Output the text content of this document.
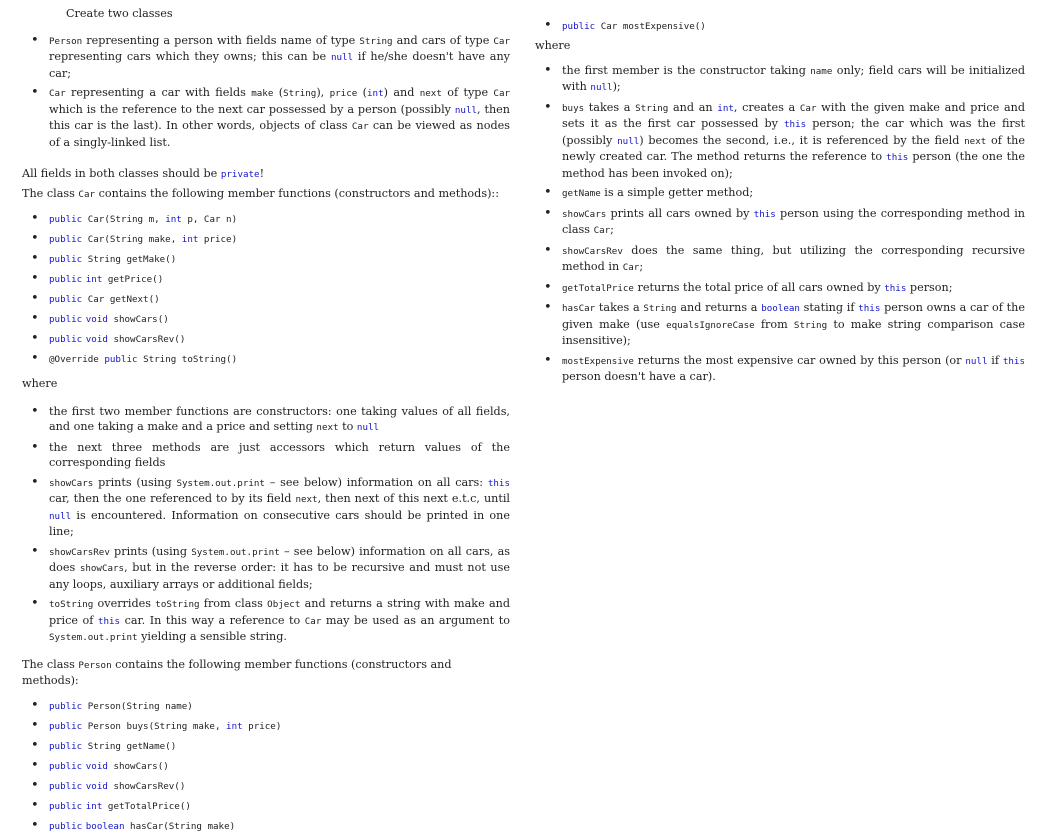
Create two classes

• Person representing a person with fields name of type String and cars of type Car representing cars which they owns; this can be null if he/she doesn't have any car;
• Car representing a car with fields make (String), price (int) and next of type Car which is the reference to the next car possessed by a person (possibly null, then this car is the last). In other words, objects of class Car can be viewed as nodes of a singly-linked list.

All fields in both classes should be private!

The class Car contains the following member functions (constructors and methods)::

• public Car(String m, int p, Car n)
• public Car(String make, int price)
• public String getMake()
• public int getPrice()
• public Car getNext()
• public void showCars()
• public void showCarsRev()
• @Override public String toString()

where

• the first two member functions are constructors: one taking values of all fields, and one taking a make and a price and setting next to null
• the next three methods are just accessors which return values of the corresponding fields
• showCars prints (using System.out.print – see below) information on all cars: this car, then the one referenced to by its field next, then next of this next e.t.c, until null is encountered. Information on consecutive cars should be printed in one line;
• showCarsRev prints (using System.out.print – see below) information on all cars, as does showCars, but in the reverse order: it has to be recursive and must not use any loops, auxiliary arrays or additional fields;
• toString overrides toString from class Object and returns a string with make and price of this car. In this way a reference to Car may be used as an argument to System.out.print yielding a sensible string.

The class Person contains the following member functions (constructors and methods):

• public Person(String name)
• public Person buys(String make, int price)
• public String getName()
• public void showCars()
• public void showCarsRev()
• public int getTotalPrice()
• public boolean hasCar(String make)
• public Car mostExpensive()

where

• the first member is the constructor taking name only; field cars will be initialized with null);
• buys takes a String and an int, creates a Car with the given make and price and sets it as the first car possessed by this person; the car which was the first (possibly null) becomes the second, i.e., it is referenced by the field next of the newly created car. The method returns the reference to this person (the one the method has been invoked on);
• getName is a simple getter method;
• showCars prints all cars owned by this person using the corresponding method in class Car;
• showCarsRev does the same thing, but utilizing the corresponding recursive method in Car;
• getTotalPrice returns the total price of all cars owned by this person;
• hasCar takes a String and returns a boolean stating if this person owns a car of the given make (use equalsIgnoreCase from String to make string comparison case insensitive);
• mostExpensive returns the most expensive car owned by this person (or null if this person doesn't have a car).
